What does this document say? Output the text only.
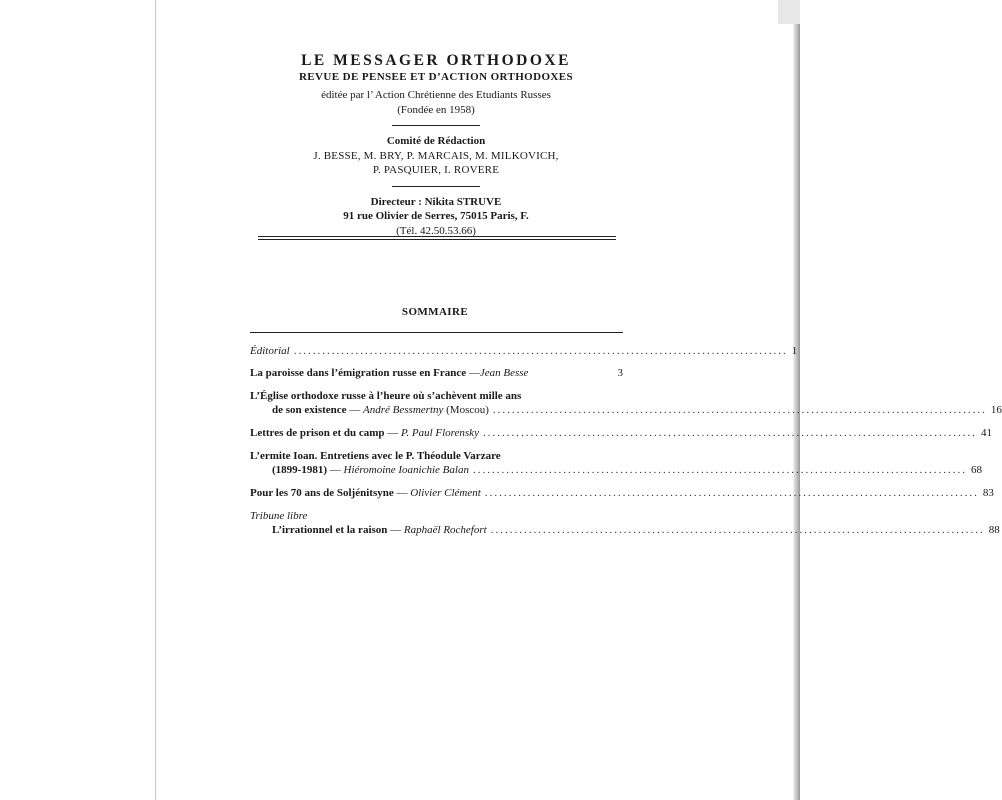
LE MESSAGER ORTHODOXE
REVUE DE PENSEE ET D’ACTION ORTHODOXES
éditée par l’ Action Chrétienne des Etudiants Russes
(Fondée en 1958)
Comité de Rédaction
J. BESSE, M. BRY, P. MARCAIS, M. MILKOVICH,
P. PASQUIER, I. ROVERE
Directeur : Nikita STRUVE
91 rue Olivier de Serres, 75015 Paris, F.
(Tél. 42.50.53.66)
SOMMAIRE
Éditorial ........................................................................................................ 1
La paroisse dans l’émigration russe en France
— Jean Besse	3
L’Église orthodoxe russe à l’heure où s’achèvent mille ans
de son existence
—
André Bessmertny
(Moscou) ........................................................................................................ 16
Lettres de prison et du camp
—
P. Paul Florensky ........................................................................................................ 41
L’ermite Ioan. Entretiens avec le P. Théodule Varzare
(1899-1981)
—
Hiéromoine Ioanichie Balan ........................................................................................................ 68
Pour les 70 ans de Soljénitsyne
—
Olivier Clément ........................................................................................................ 83
Tribune libre
L’irrationnel et la raison
—
Raphaël Rochefort ........................................................................................................ 88
